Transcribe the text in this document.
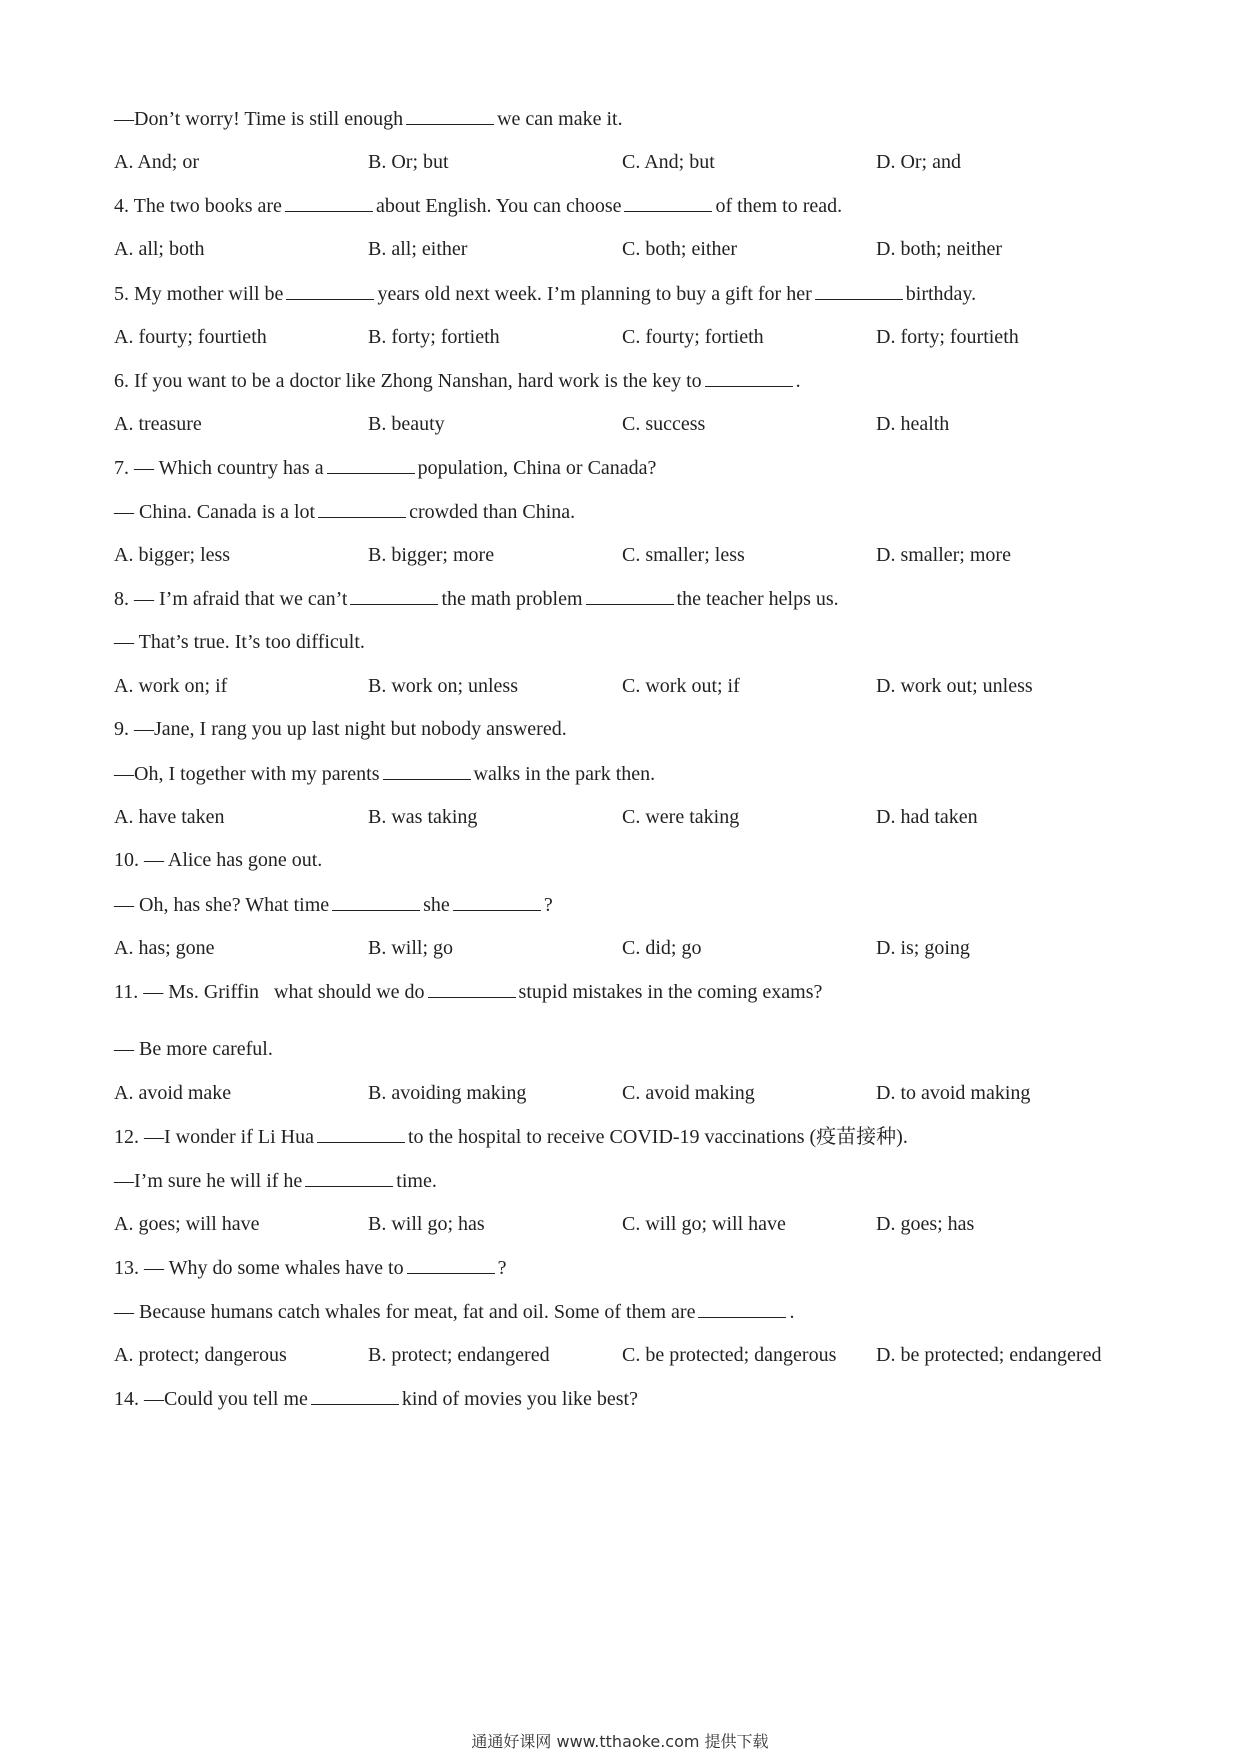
—Don’t worry! Time is still enough	we can make it.
A. And; or	B. Or; but	C. And; but	D. Or; and
4. The two books are	about English. You can choose	of them to read.
A. all; both	B. all; either	C. both; either	D. both; neither
5. My mother will be	years old next week. I’m planning to buy a gift for her	birthday.
A. fourty; fourtieth	B. forty; fortieth	C. fourty; fortieth	D. forty; fourtieth
6. If you want to be a doctor like Zhong Nanshan, hard work is the key to	.
A. treasure	B. beauty	C. success	D. health
7. — Which country has a	population, China or Canada?
— China. Canada is a lot	crowded than China.
A. bigger; less	B. bigger; more	C. smaller; less	D. smaller; more
8. — I’m afraid that we can’t	the math problem	the teacher helps us.
— That’s true. It’s too difficult.
A. work on; if	B. work on; unless	C. work out; if	D. work out; unless
9. —Jane, I rang you up last night but nobody answered.
—Oh, I together with my parents	walks in the park then.
A. have taken	B. was taking	C. were taking	D. had taken
10. — Alice has gone out.
— Oh, has she? What time	she	?
A. has; gone	B. will; go	C. did; go	D. is; going
11. — Ms. Griffin   what should we do	stupid mistakes in the coming exams?
— Be more careful.
A. avoid make	B. avoiding making	C. avoid making	D. to avoid making
12. —I wonder if Li Hua	to the hospital to receive COVID-19 vaccinations (疫苗接种).
—I’m sure he will if he	time.
A. goes; will have	B. will go; has	C. will go; will have	D. goes; has
13. — Why do some whales have to	?
— Because humans catch whales for meat, fat and oil. Some of them are	.
A. protect; dangerous	B. protect; endangered	C. be protected; dangerous D. be protected; endangered
14. —Could you tell me	kind of movies you like best?
通通好课网 www.tthaoke.com 提供下载
